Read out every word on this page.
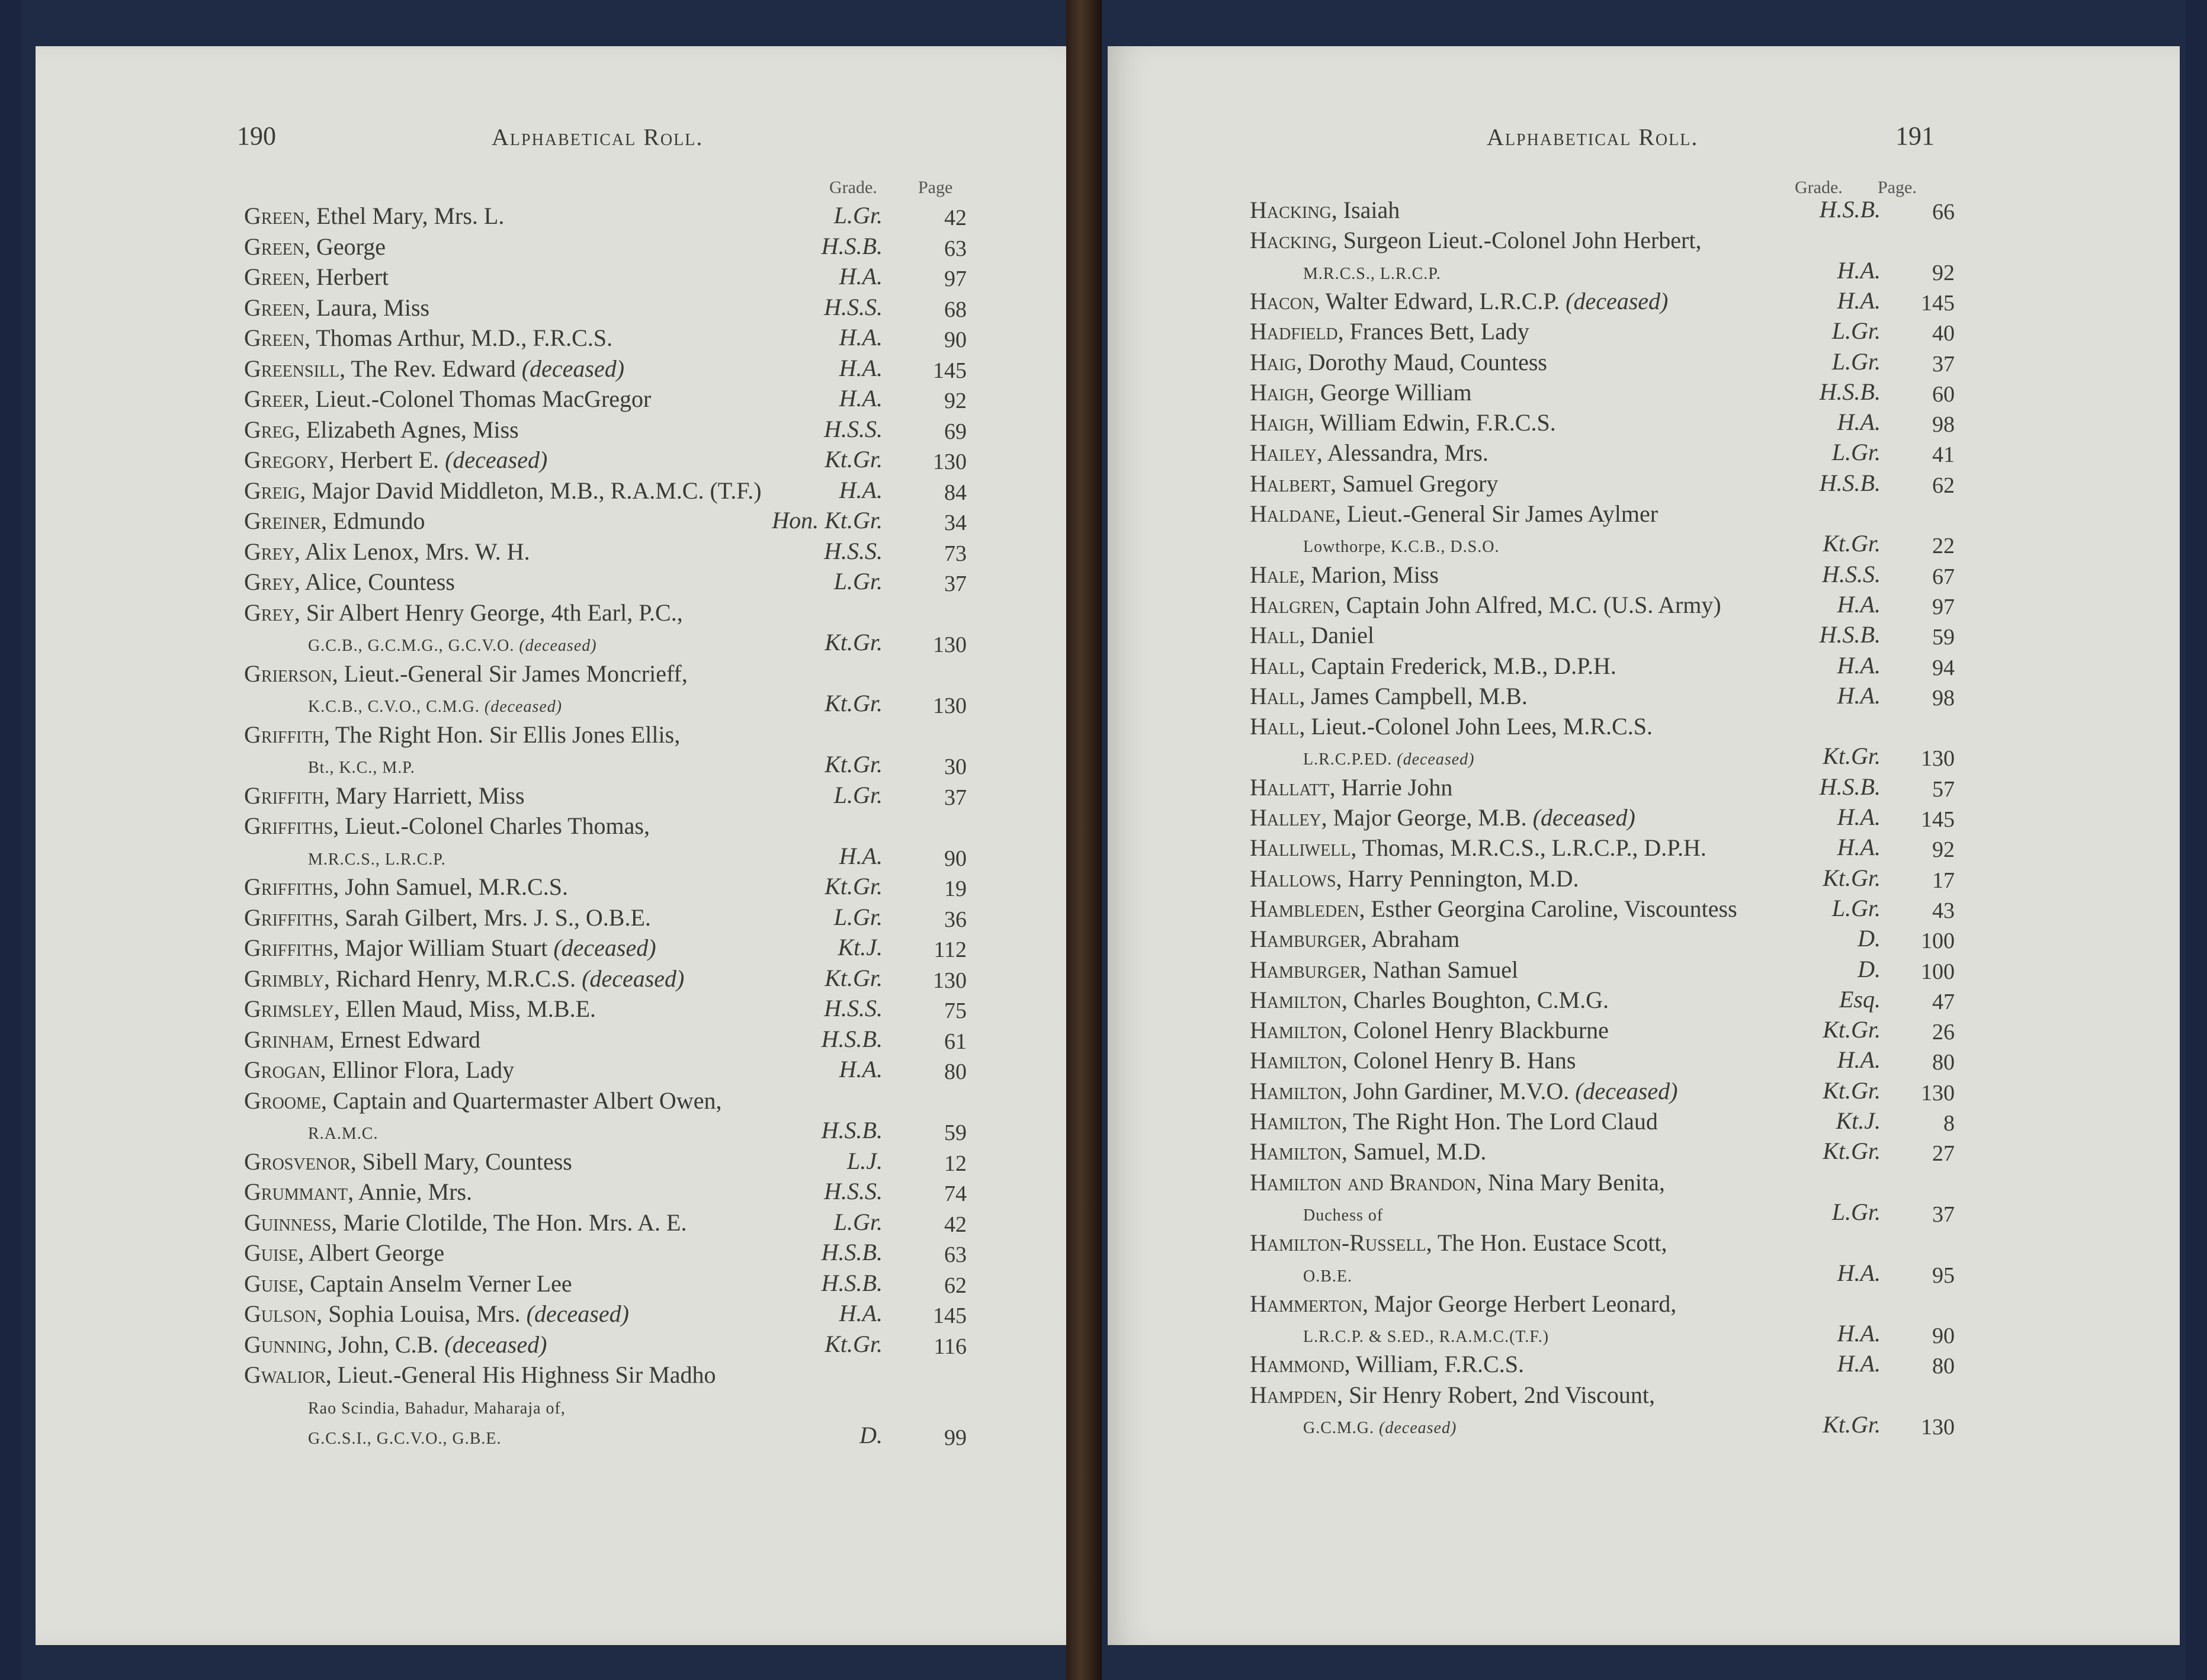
190	Alphabetical Roll.
Grade. Page
Green, Ethel Mary, Mrs. L.	L.Gr.	42
Green, George	H.S.B.	63
Green, Herbert	H.A.	97
Green, Laura, Miss	H.S.S.	68
Green, Thomas Arthur, M.D., F.R.C.S.	H.A.	90
Greensill, The Rev. Edward (deceased)	H.A.	145
Greer, Lieut.-Colonel Thomas MacGregor	H.A.	92
Greg, Elizabeth Agnes, Miss	H.S.S.	69
Gregory, Herbert E. (deceased)	Kt.Gr.	130
Greig, Major David Middleton, M.B., R.A.M.C. (T.F.)	H.A.	84
Greiner, Edmundo	Hon. Kt.Gr.	34
Grey, Alix Lenox, Mrs. W. H.	H.S.S.	73
Grey, Alice, Countess	L.Gr.	37
Grey, Sir Albert Henry George, 4th Earl, P.C.,
G.C.B., G.C.M.G., G.C.V.O. (deceased)	Kt.Gr.	130
Grierson, Lieut.-General Sir James Moncrieff,
K.C.B., C.V.O., C.M.G. (deceased)	Kt.Gr.	130
Griffith, The Right Hon. Sir Ellis Jones Ellis,
Bt., K.C., M.P.	Kt.Gr.	30
Griffith, Mary Harriett, Miss	L.Gr.	37
Griffiths, Lieut.-Colonel Charles Thomas,
M.R.C.S., L.R.C.P.	H.A.	90
Griffiths, John Samuel, M.R.C.S.	Kt.Gr.	19
Griffiths, Sarah Gilbert, Mrs. J. S., O.B.E.	L.Gr.	36
Griffiths, Major William Stuart (deceased)	Kt.J.	112
Grimbly, Richard Henry, M.R.C.S. (deceased)	Kt.Gr.	130
Grimsley, Ellen Maud, Miss, M.B.E.	H.S.S.	75
Grinham, Ernest Edward	H.S.B.	61
Grogan, Ellinor Flora, Lady	H.A.	80
Groome, Captain and Quartermaster Albert Owen,
R.A.M.C.	H.S.B.	59
Grosvenor, Sibell Mary, Countess	L.J.	12
Grummant, Annie, Mrs.	H.S.S.	74
Guinness, Marie Clotilde, The Hon. Mrs. A. E.	L.Gr.	42
Guise, Albert George	H.S.B.	63
Guise, Captain Anselm Verner Lee	H.S.B.	62
Gulson, Sophia Louisa, Mrs. (deceased)	H.A.	145
Gunning, John, C.B. (deceased)	Kt.Gr.	116
Gwalior, Lieut.-General His Highness Sir Madho
Rao Scindia, Bahadur, Maharaja of,
G.C.S.I., G.C.V.O., G.B.E.	D.	99
Alphabetical Roll.	191
Grade. Page.
Hacking, Isaiah	H.S.B.	66
Hacking, Surgeon Lieut.-Colonel John Herbert,
M.R.C.S., L.R.C.P.	H.A.	92
Hacon, Walter Edward, L.R.C.P. (deceased)	H.A.	145
Hadfield, Frances Bett, Lady	L.Gr.	40
Haig, Dorothy Maud, Countess	L.Gr.	37
Haigh, George William	H.S.B.	60
Haigh, William Edwin, F.R.C.S.	H.A.	98
Hailey, Alessandra, Mrs.	L.Gr.	41
Halbert, Samuel Gregory	H.S.B.	62
Haldane, Lieut.-General Sir James Aylmer
Lowthorpe, K.C.B., D.S.O.	Kt.Gr.	22
Hale, Marion, Miss	H.S.S.	67
Halgren, Captain John Alfred, M.C. (U.S. Army)	H.A.	97
Hall, Daniel	H.S.B.	59
Hall, Captain Frederick, M.B., D.P.H.	H.A.	94
Hall, James Campbell, M.B.	H.A.	98
Hall, Lieut.-Colonel John Lees, M.R.C.S.
L.R.C.P.ED. (deceased)	Kt.Gr.	130
Hallatt, Harrie John	H.S.B.	57
Halley, Major George, M.B. (deceased)	H.A.	145
Halliwell, Thomas, M.R.C.S., L.R.C.P., D.P.H.	H.A.	92
Hallows, Harry Pennington, M.D.	Kt.Gr.	17
Hambleden, Esther Georgina Caroline, Viscountess	L.Gr.	43
Hamburger, Abraham	D.	100
Hamburger, Nathan Samuel	D.	100
Hamilton, Charles Boughton, C.M.G.	Esq.	47
Hamilton, Colonel Henry Blackburne	Kt.Gr.	26
Hamilton, Colonel Henry B. Hans	H.A.	80
Hamilton, John Gardiner, M.V.O. (deceased)	Kt.Gr.	130
Hamilton, The Right Hon. The Lord Claud	Kt.J.	8
Hamilton, Samuel, M.D.	Kt.Gr.	27
Hamilton and Brandon, Nina Mary Benita,
Duchess of	L.Gr.	37
Hamilton-Russell, The Hon. Eustace Scott,
O.B.E.	H.A.	95
Hammerton, Major George Herbert Leonard,
L.R.C.P. & S.ED., R.A.M.C.(T.F.)	H.A.	90
Hammond, William, F.R.C.S.	H.A.	80
Hampden, Sir Henry Robert, 2nd Viscount,
G.C.M.G. (deceased)	Kt.Gr.	130
